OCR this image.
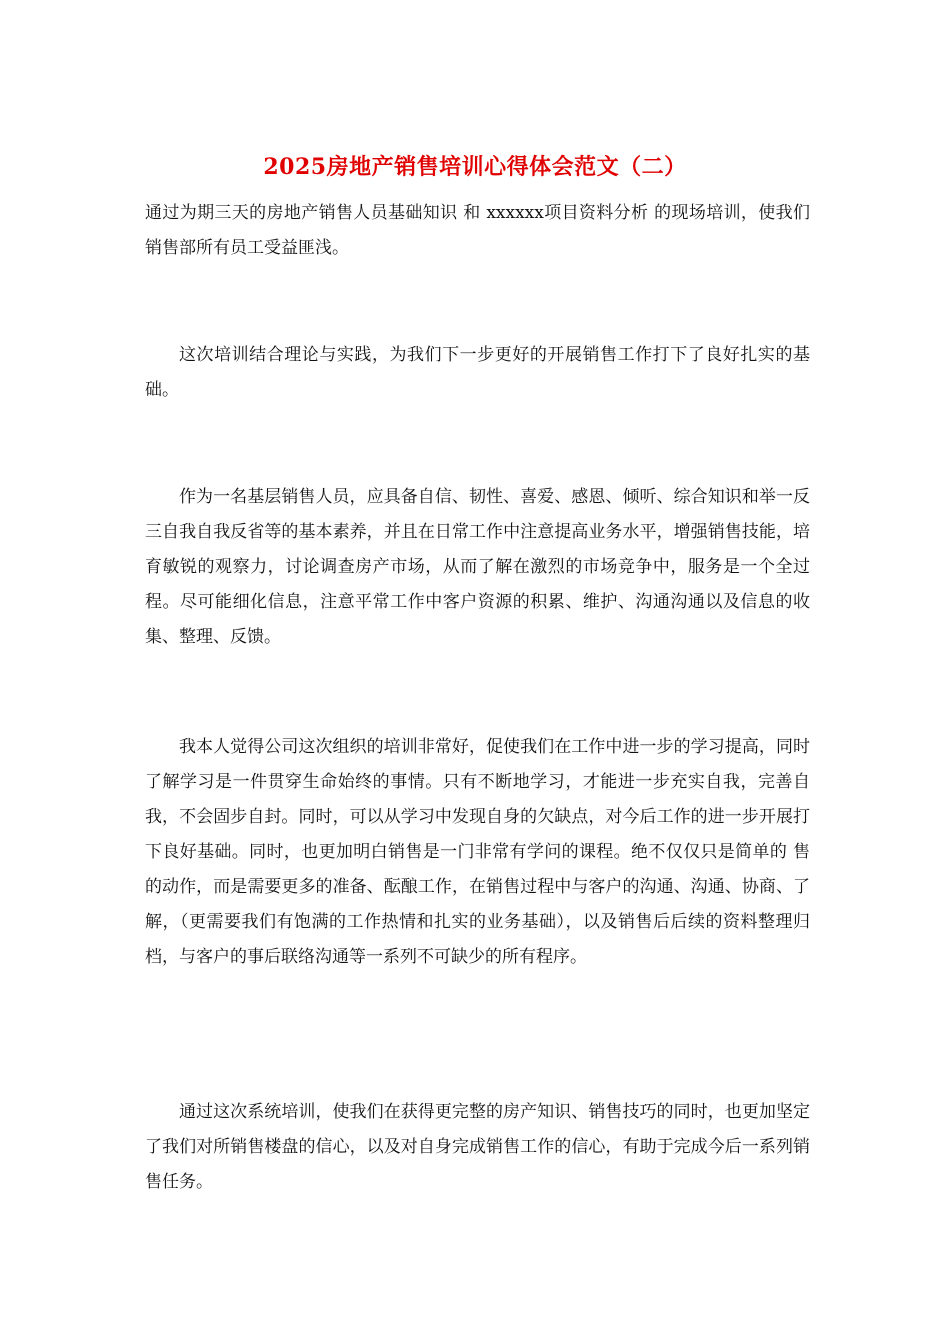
2025房地产销售培训心得体会范文（二）

通过为期三天的房地产销售人员基础知识 和 xxxxxx项目资料分析 的现场培训，使我们销售部所有员工受益匪浅。

这次培训结合理论与实践，为我们下一步更好的开展销售工作打下了良好扎实的基础。

作为一名基层销售人员，应具备自信、韧性、喜爱、感恩、倾听、综合知识和举一反三自我自我反省等的基本素养，并且在日常工作中注意提高业务水平，增强销售技能，培育敏锐的观察力，讨论调查房产市场，从而了解在激烈的市场竞争中，服务是一个全过程。尽可能细化信息，注意平常工作中客户资源的积累、维护、沟通沟通以及信息的收集、整理、反馈。

我本人觉得公司这次组织的培训非常好，促使我们在工作中进一步的学习提高，同时了解学习是一件贯穿生命始终的事情。只有不断地学习，才能进一步充实自我，完善自我，不会固步自封。同时，可以从学习中发现自身的欠缺点，对今后工作的进一步开展打下良好基础。同时，也更加明白销售是一门非常有学问的课程。绝不仅仅只是简单的 售 的动作，而是需要更多的准备、酝酿工作，在销售过程中与客户的沟通、沟通、协商、了解，（更需要我们有饱满的工作热情和扎实的业务基础），以及销售后后续的资料整理归档，与客户的事后联络沟通等一系列不可缺少的所有程序。

通过这次系统培训，使我们在获得更完整的房产知识、销售技巧的同时，也更加坚定了我们对所销售楼盘的信心，以及对自身完成销售工作的信心，有助于完成今后一系列销售任务。
